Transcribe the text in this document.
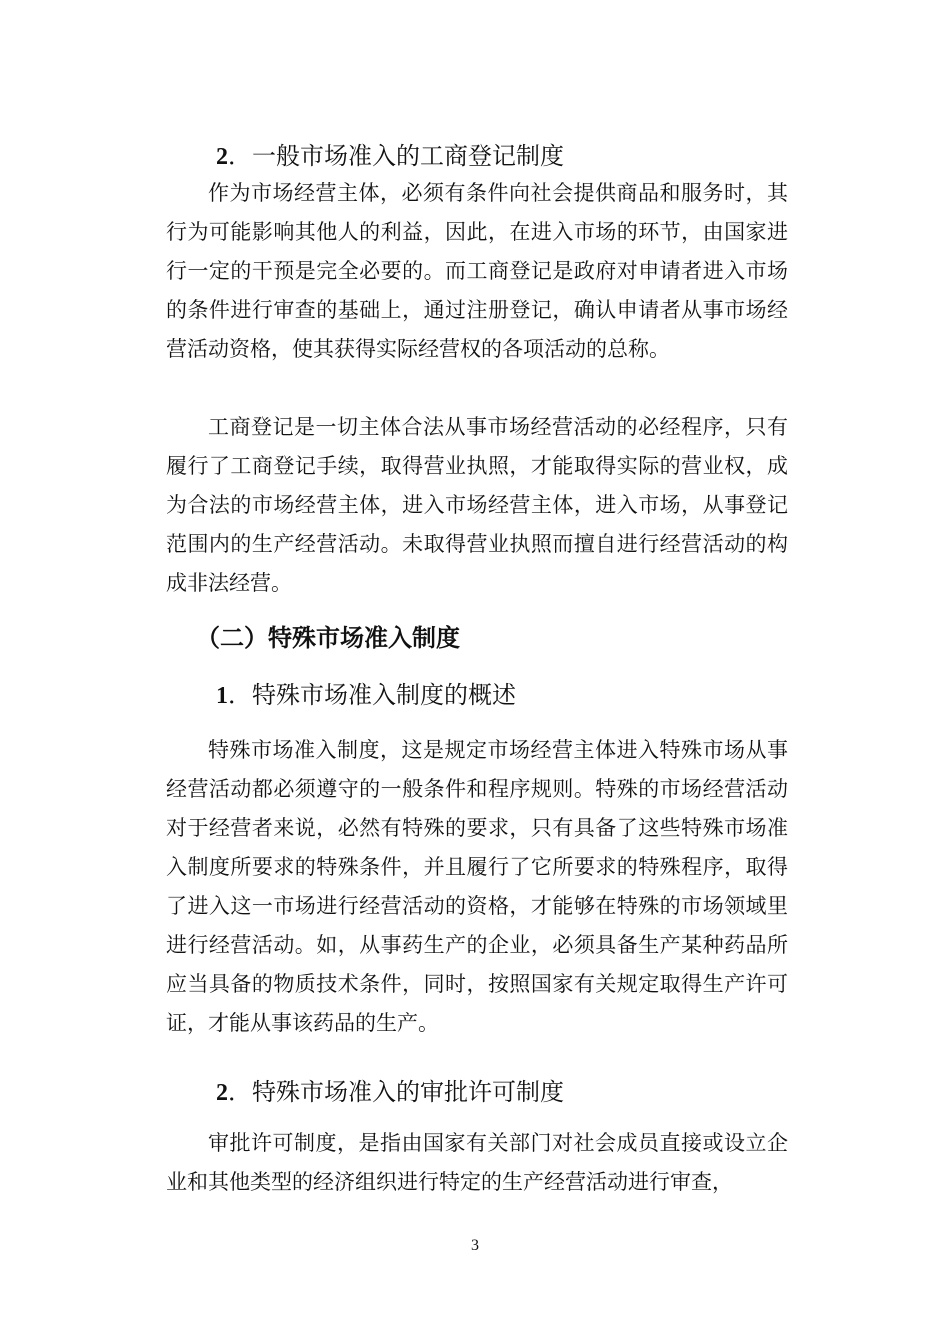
2．一般市场准入的工商登记制度

作为市场经营主体，必须有条件向社会提供商品和服务时，其行为可能影响其他人的利益，因此，在进入市场的环节，由国家进行一定的干预是完全必要的。而工商登记是政府对申请者进入市场的条件进行审查的基础上，通过注册登记，确认申请者从事市场经营活动资格，使其获得实际经营权的各项活动的总称。

工商登记是一切主体合法从事市场经营活动的必经程序，只有履行了工商登记手续，取得营业执照，才能取得实际的营业权，成为合法的市场经营主体，进入市场经营主体，进入市场，从事登记范围内的生产经营活动。未取得营业执照而擅自进行经营活动的构成非法经营。

（二）特殊市场准入制度
1．特殊市场准入制度的概述

特殊市场准入制度，这是规定市场经营主体进入特殊市场从事经营活动都必须遵守的一般条件和程序规则。特殊的市场经营活动对于经营者来说，必然有特殊的要求，只有具备了这些特殊市场准入制度所要求的特殊条件，并且履行了它所要求的特殊程序，取得了进入这一市场进行经营活动的资格，才能够在特殊的市场领域里进行经营活动。如，从事药生产的企业，必须具备生产某种药品所应当具备的物质技术条件，同时，按照国家有关规定取得生产许可证，才能从事该药品的生产。

2．特殊市场准入的审批许可制度

审批许可制度，是指由国家有关部门对社会成员直接或设立企业和其他类型的经济组织进行特定的生产经营活动进行审查，

3
